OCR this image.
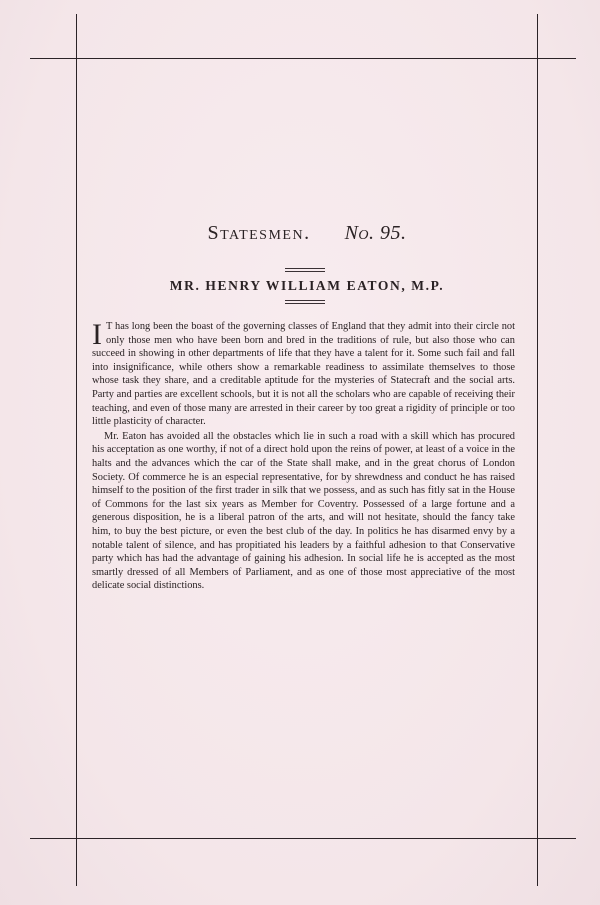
Statesmen. No. 95.
MR. HENRY WILLIAM EATON, M.P.

I T has long been the boast of the governing classes of England that they admit into their circle not only those men who have been born and bred in the traditions of rule, but also those who can succeed in showing in other departments of life that they have a talent for it. Some such fail and fall into insignificance, while others show a remarkable readiness to assimilate themselves to those whose task they share, and a creditable aptitude for the mysteries of Statecraft and the social arts. Party and parties are excellent schools, but it is not all the scholars who are capable of receiving their teaching, and even of those many are arrested in their career by too great a rigidity of principle or too little plasticity of character.

Mr. Eaton has avoided all the obstacles which lie in such a road with a skill which has procured his acceptation as one worthy, if not of a direct hold upon the reins of power, at least of a voice in the halts and the advances which the car of the State shall make, and in the great chorus of London Society. Of commerce he is an especial representative, for by shrewdness and conduct he has raised himself to the position of the first trader in silk that we possess, and as such has fitly sat in the House of Commons for the last six years as Member for Coventry. Possessed of a large fortune and a generous disposition, he is a liberal patron of the arts, and will not hesitate, should the fancy take him, to buy the best picture, or even the best club of the day. In politics he has disarmed envy by a notable talent of silence, and has propitiated his leaders by a faithful adhesion to that Conservative party which has had the advantage of gaining his adhesion. In social life he is accepted as the most smartly dressed of all Members of Parliament, and as one of those most appreciative of the most delicate social distinctions.
